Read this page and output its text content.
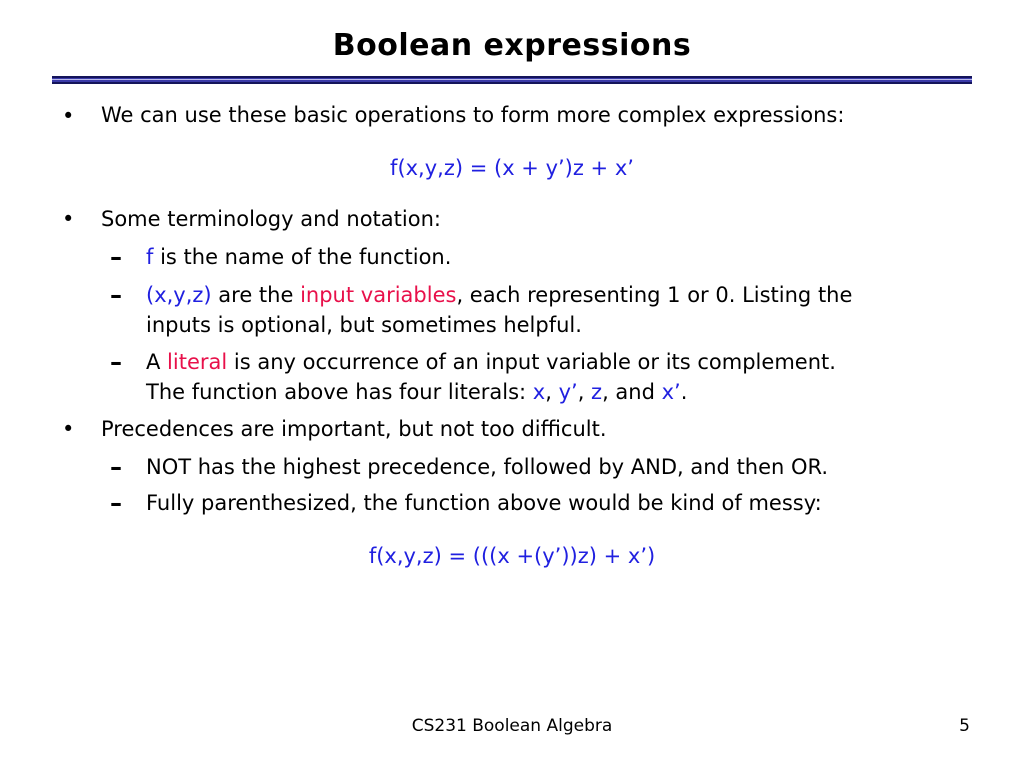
Boolean expressions
• We can use these basic operations to form more complex expressions:
f(x,y,z) = (x + y’)z + x’
• Some terminology and notation:
– f is the name of the function.
– (x,y,z) are the input variables, each representing 1 or 0. Listing the
inputs is optional, but sometimes helpful.
– A literal is any occurrence of an input variable or its complement.
The function above has four literals: x, y’, z, and x’.
• Precedences are important, but not too difficult.
– NOT has the highest precedence, followed by AND, and then OR.
– Fully parenthesized, the function above would be kind of messy:
f(x,y,z) = (((x +(y’))z) + x’)
CS231 Boolean Algebra	5
